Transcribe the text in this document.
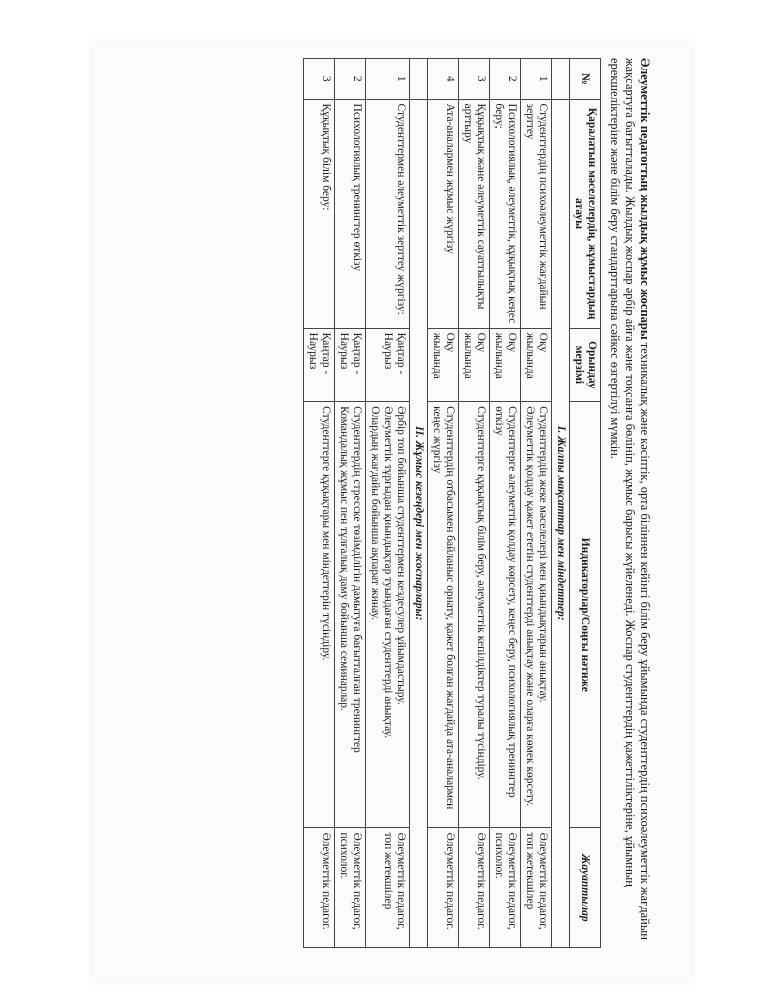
Әлеуметтік педагогтың жылдық жұмыс жоспары техникалық және кәсіптік, орта біліннен кейінгі білім беру ұйымында студенттердің психоәлеуметтік жағдайын жақсартуға бағытталады. Жылдық жоспар әрбір айға және тоқсанға бөлініп, жұмыс барысы жүйеленеді. Жоспар студенттердің қажеттіліктеріне, ұйымның ерекшеліктеріне және білім беру стандарттарына сәйкес өзгертілуі мүмкін.

№	Қаралатын мәселелердің, жұмыстардың атауы	Орындау мерзімі	Индикаторлар/Соңғы нәтиже	Жауаптылар
	I. Жалпы мақсаттар мен міндеттер:			
1	Студенттердің психоәлеуметтік жағдайын зерттеу	Оқу жылында	Студенттердің жеке мәселелері мен қиындықтарын анықтау.
Әлеуметтік қолдау қажет ететін студенттерді анықтау және оларға көмек көрсету.	Әлеуметтік педагог, топ жетекшілер
2	Психологиялық, әлеуметтік, құқықтық кеңес беру;	Оқу жылында	Студенттерге әлеуметтік қолдау көрсету, кеңес беру, психологиялық тренингтер өткізу	Әлеуметтік педагог, психолог.
3	Құқықтық және әлеуметтік сауаттылықты арттыру	Оқу жылында	Студенттерге құқықтық білім беру, әлеуметтік кепілдіктер туралы түсіндіру.	Әлеуметтік педагог.
4	Ата-аналармен жұмыс жүргізу	Оқу жылында	Студенттердің отбасымен байланыс орнату, қажет болған жағдайда ата-аналармен кеңес жүргізу	Әлеуметтік педагог.
	II. Жұмыс кезеңдері мен жоспарлары:			
1	Студенттермен әлеуметтік зерттеу жүргізу:	Қаңтар - Наурыз	Әрбір топ бойынша студенттермен кездесулер ұйымдастыру.
Әлеуметтік тұрғыдан қиындықтар туындаған студенттерді анықтау.
Олардың жағдайы бойынша ақпарат жинау.	Әлеуметтік педагог, топ жетекшілер
2	Психологиялық тренингтер өткізу	Қаңтар - Наурыз	Студенттердің стресске төзімділігін дамытуға бағытталған тренингтер
Командалық жұмыс пен тұлғалық даму бойынша семинарлар.	Әлеуметтік педагог, психолог.
3	Құқықтық білім беру:	Қаңтар - Наурыз	Студенттерге құқықтары мен міндеттерін түсіндіру.	Әлеуметтік педагог.
